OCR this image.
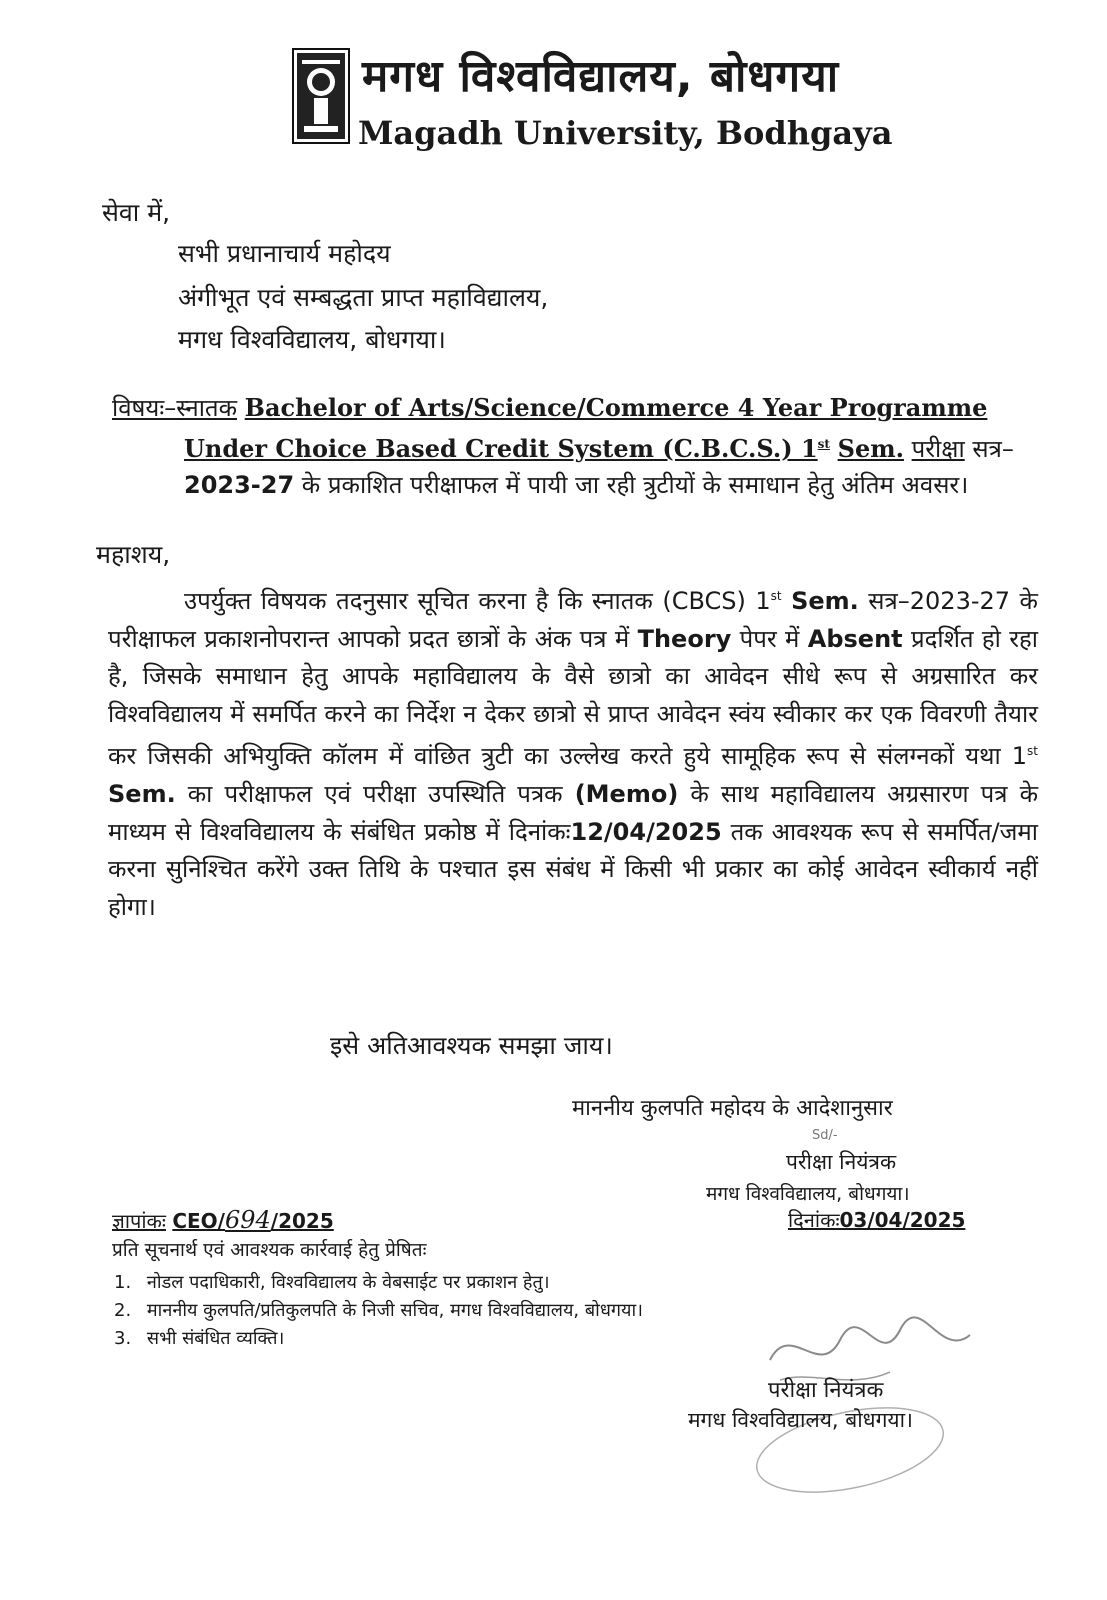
मगध विश्वविद्यालय, बोधगया
Magadh University, Bodhgaya
सेवा में,
सभी प्रधानाचार्य महोदय
अंगीभूत एवं सम्बद्धता प्राप्त महाविद्यालय,
मगध विश्वविद्यालय, बोधगया।
विषयः–स्नातक Bachelor of Arts/Science/Commerce 4 Year Programme
Under Choice Based Credit System (C.B.C.S.) 1st Sem. परीक्षा सत्र–2023-27 के प्रकाशित परीक्षाफल में पायी जा रही त्रुटीयों के समाधान हेतु अंतिम अवसर।
महाशय,
उपर्युक्त विषयक तदनुसार सूचित करना है कि स्नातक (CBCS) 1st Sem. सत्र–2023-27 के परीक्षाफल प्रकाशनोपरान्त आपको प्रदत छात्रों के अंक पत्र में Theory पेपर में Absent प्रदर्शित हो रहा है, जिसके समाधान हेतु आपके महाविद्यालय के वैसे छात्रो का आवेदन सीधे रूप से अग्रसारित कर विश्वविद्यालय में समर्पित करने का निर्देश न देकर छात्रो से प्राप्त आवेदन स्वंय स्वीकार कर एक विवरणी तैयार कर जिसकी अभियुक्ति कॉलम में वांछित त्रुटी का उल्लेख करते हुये सामूहिक रूप से संलग्नकों यथा 1st Sem. का परीक्षाफल एवं परीक्षा उपस्थिति पत्रक (Memo) के साथ महाविद्यालय अग्रसारण पत्र के माध्यम से विश्वविद्यालय के संबंधित प्रकोष्ठ में दिनांकः12/04/2025 तक आवश्यक रूप से समर्पित/जमा करना सुनिश्चित करेंगे उक्त तिथि के पश्चात इस संबंध में किसी भी प्रकार का कोई आवेदन स्वीकार्य नहीं होगा।
इसे अतिआवश्यक समझा जाय।
माननीय कुलपति महोदय के आदेशानुसार
Sd/-
परीक्षा नियंत्रक
मगध विश्वविद्यालय, बोधगया।
ज्ञापांकः CEO/694/2025	दिनांकः03/04/2025
प्रति सूचनार्थ एवं आवश्यक कार्रवाई हेतु प्रेषितः
1. नोडल पदाधिकारी, विश्वविद्यालय के वेबसाईट पर प्रकाशन हेतु।
2. माननीय कुलपति/प्रतिकुलपति के निजी सचिव, मगध विश्वविद्यालय, बोधगया।
3. सभी संबंधित व्यक्ति।
परीक्षा नियंत्रक
मगध विश्वविद्यालय, बोधगया।
